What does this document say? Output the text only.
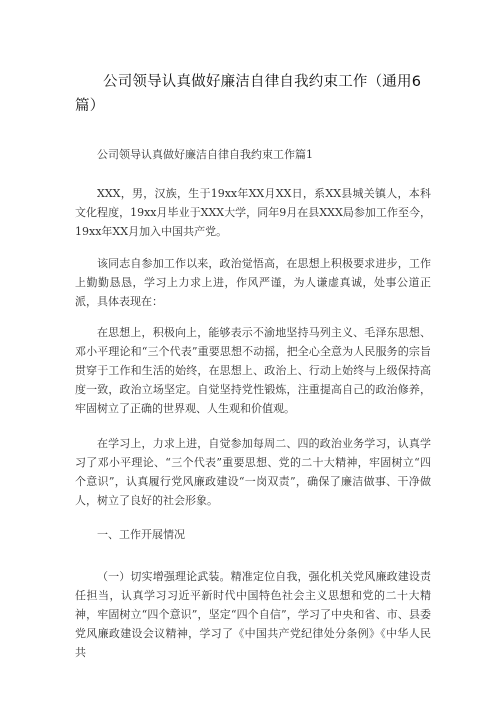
公司领导认真做好廉洁自律自我约束工作（通用6篇）

公司领导认真做好廉洁自律自我约束工作篇1

XXX，男，汉族，生于19xx年XX月XX日，系XX县城关镇人，本科文化程度，19xx月毕业于XXX大学，同年9月在县XXX局参加工作至今，19xx年XX月加入中国共产党。

该同志自参加工作以来，政治觉悟高，在思想上积极要求进步，工作上勤勤恳恳，学习上力求上进，作风严谨，为人谦虚真诚，处事公道正派，具体表现在：

在思想上，积极向上，能够表示不渝地坚持马列主义、毛泽东思想、邓小平理论和“三个代表”重要思想不动摇，把全心全意为人民服务的宗旨贯穿于工作和生活的始终，在思想上、政治上、行动上始终与上级保持高度一致，政治立场坚定。自觉坚持党性锻炼，注重提高自己的政治修养，牢固树立了正确的世界观、人生观和价值观。

在学习上，力求上进，自觉参加每周二、四的政治业务学习，认真学习了邓小平理论、“三个代表”重要思想、党的二十大精神，牢固树立“四个意识”，认真履行党风廉政建设“一岗双责”，确保了廉洁做事、干净做人，树立了良好的社会形象。

一、工作开展情况

（一）切实增强理论武装。精准定位自我，强化机关党风廉政建设责任担当，认真学习习近平新时代中国特色社会主义思想和党的二十大精神，牢固树立“四个意识”，坚定“四个自信”，学习了中央和省、市、县委党风廉政建设会议精神，学习了《中国共产党纪律处分条例》《中华人民共
